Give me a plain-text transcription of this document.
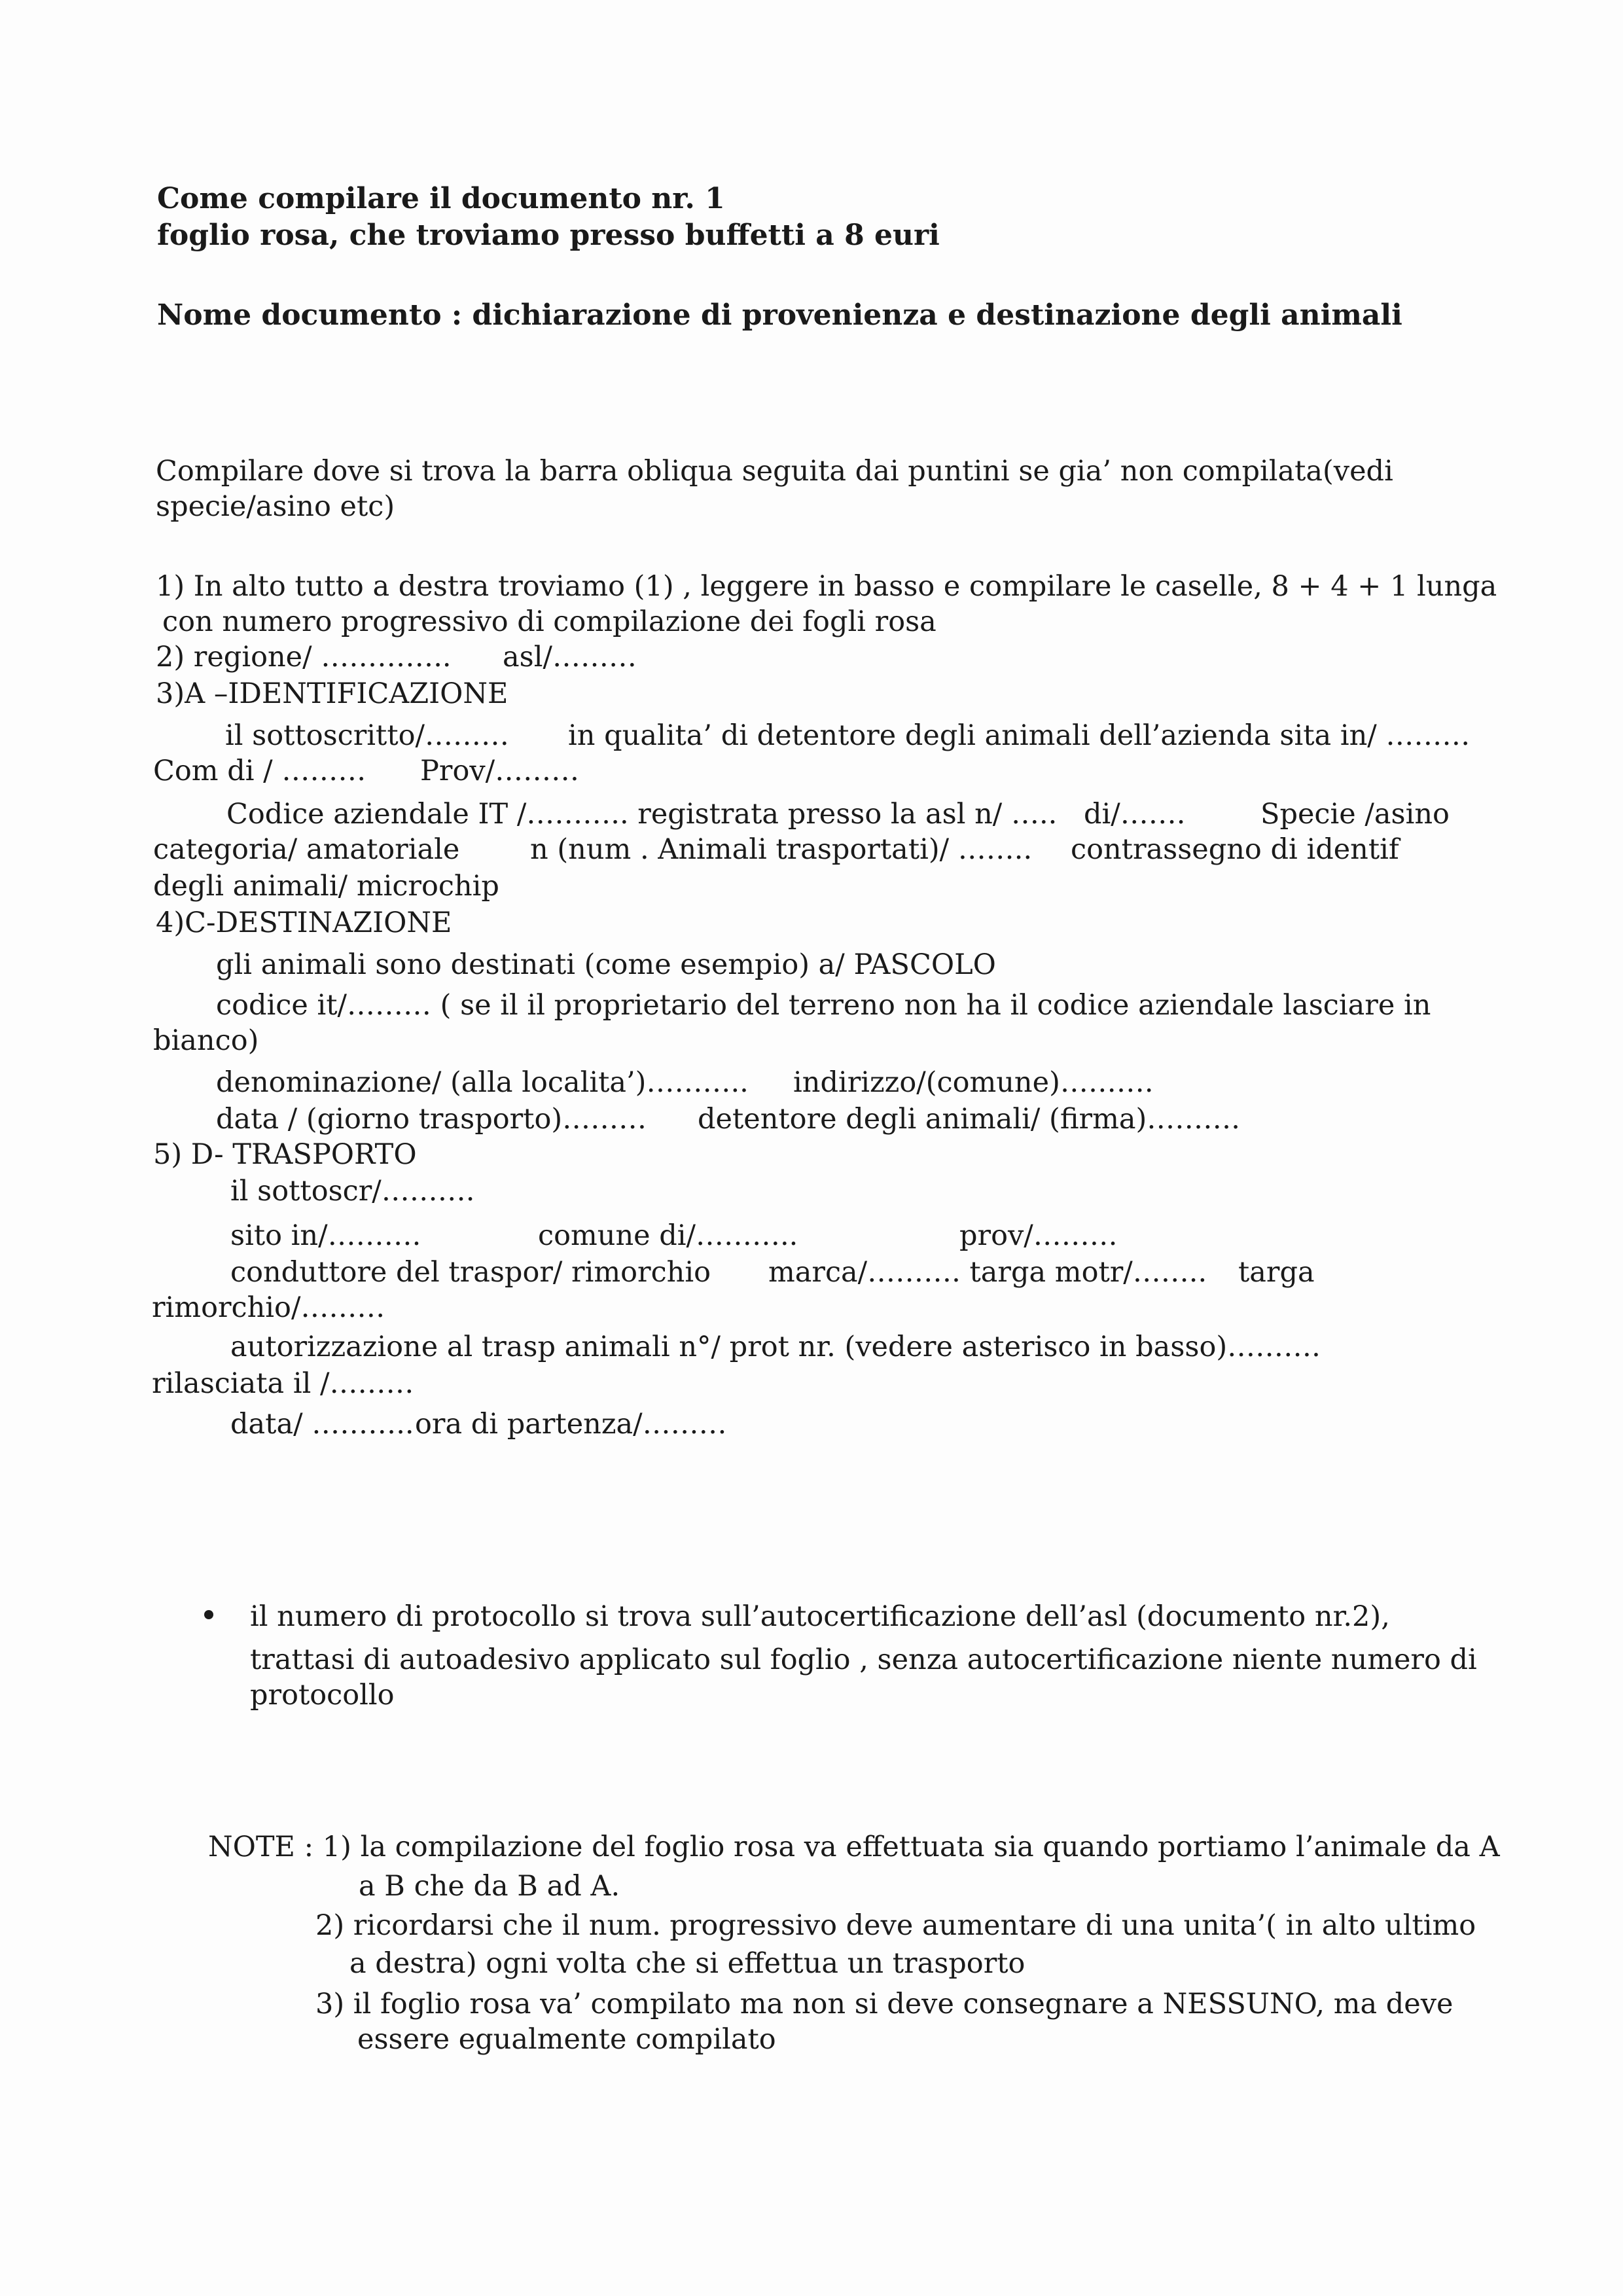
Come compilare il documento nr. 1
foglio rosa, che troviamo presso buffetti a 8 euri
Nome documento : dichiarazione di provenienza e destinazione degli animali
Compilare dove si trova la barra obliqua seguita dai puntini se gia’ non compilata(vedi
specie/asino etc)
1) In alto tutto a destra troviamo (1) , leggere in basso e compilare le caselle, 8 + 4 + 1 lunga
con numero progressivo di compilazione dei fogli rosa
2) regione/ ………….. asl/………
3)A –IDENTIFICAZIONE
il sottoscritto/……… in qualita’ di detentore degli animali dell’azienda sita in/ ………
Com di / ……… Prov/………
Codice aziendale IT /……….. registrata presso la asl n/ ….. di/…….	Specie /asino
categoria/ amatoriale	n (num . Animali trasportati)/ …….. contrassegno di identif
degli animali/ microchip
4)C-DESTINAZIONE
gli animali sono destinati (come esempio) a/ PASCOLO
codice it/……… ( se il il proprietario del terreno non ha il codice aziendale lasciare in
bianco)
denominazione/ (alla localita’)……….. indirizzo/(comune)……….
data / (giorno trasporto)……… detentore degli animali/ (firma)……….
5) D- TRASPORTO
il sottoscr/……….
sito in/……….	comune di/………..	prov/………
conduttore del traspor/ rimorchio marca/………. targa motr/…….. targa
rimorchio/………
autorizzazione al trasp animali n°/ prot nr. (vedere asterisco in basso)……….
rilasciata il /………
data/ ……….. ora di partenza/………
il numero di protocollo si trova sull’autocertificazione dell’asl (documento nr.2),
trattasi di autoadesivo applicato sul foglio , senza autocertificazione niente numero di
protocollo
NOTE : 1) la compilazione del foglio rosa va effettuata sia quando portiamo l’animale da A
a B che da B ad A.
2) ricordarsi che il num. progressivo deve aumentare di una unita’( in alto ultimo
a destra) ogni volta che si effettua un trasporto
3) il foglio rosa va’ compilato ma non si deve consegnare a NESSUNO, ma deve
essere egualmente compilato
